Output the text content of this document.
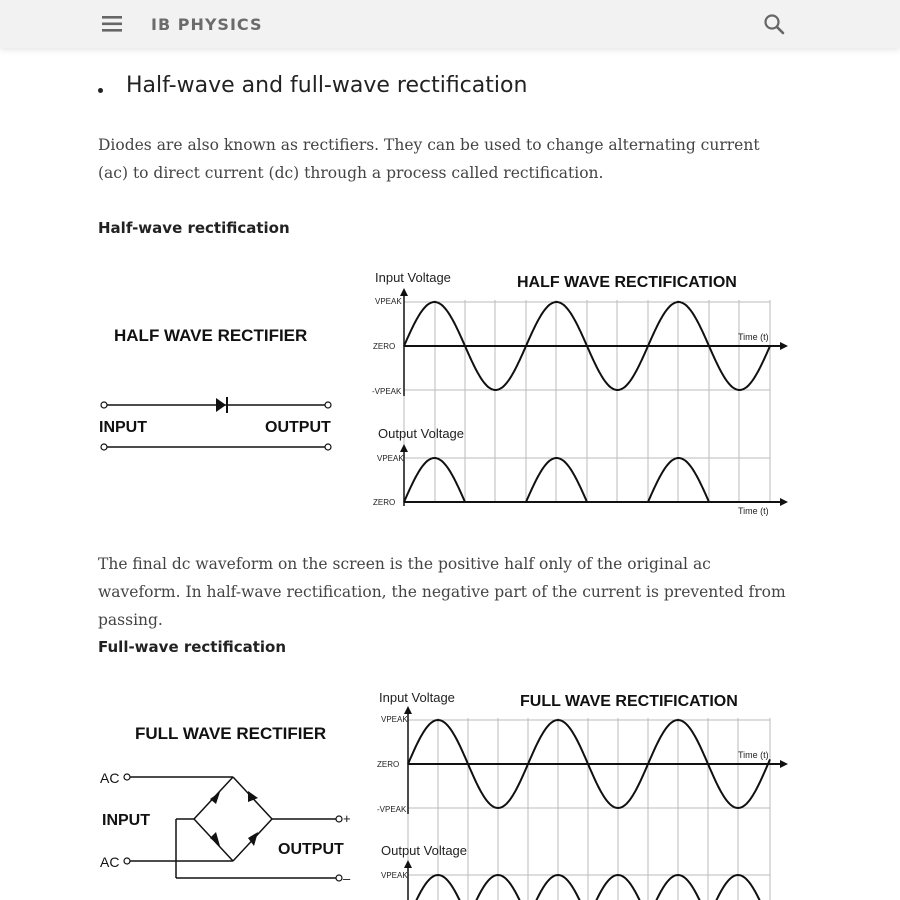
IB PHYSICS
Half-wave and full-wave rectification
Diodes are also known as rectifiers. They can be used to change alternating current (ac) to direct current (dc) through a process called rectification.
Half-wave rectification
The final dc waveform on the screen is the positive half only of the original ac waveform. In half-wave rectification, the negative part of the current is prevented from passing.
Full-wave rectification
HALF WAVE RECTIFIER
INPUT	OUTPUT
Input Voltage	HALF WAVE RECTIFICATION
VPEAK
ZERO
-VPEAK
Time (t)
Output Voltage
VPEAK
ZERO
Time (t)
FULL WAVE RECTIFIER
AC
AC
INPUT
OUTPUT
+
–
Input Voltage	FULL WAVE RECTIFICATION
VPEAK
ZERO
-VPEAK
Time (t)
Output Voltage
VPEAK
